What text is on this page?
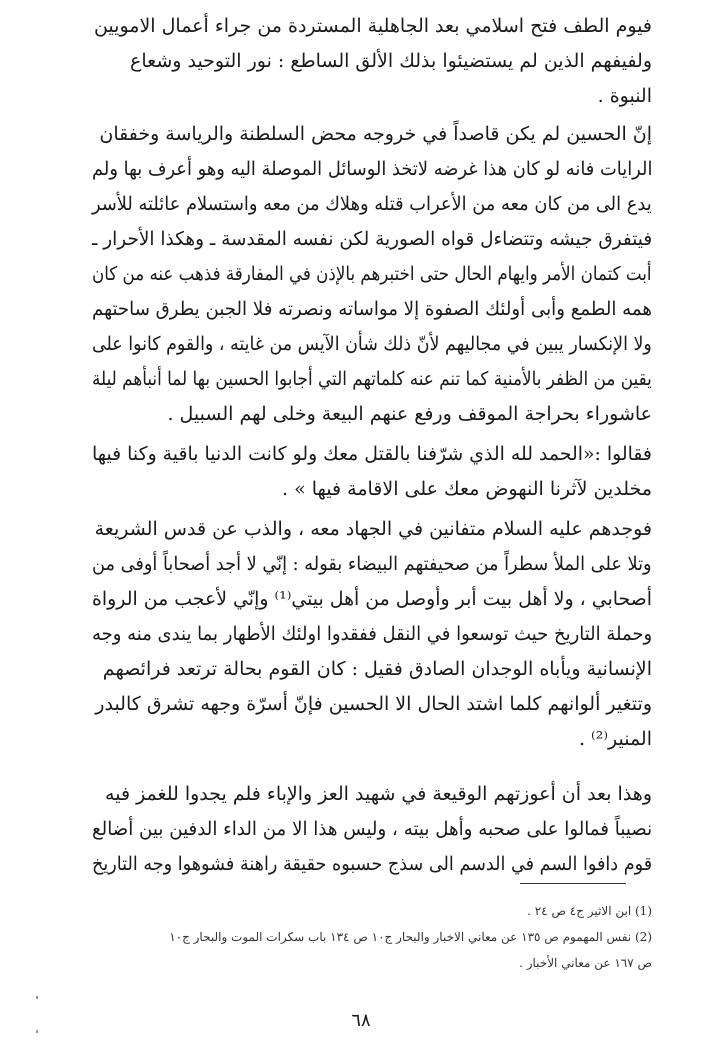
فيوم الطف فتح اسلامي بعد الجاهلية المستردة من جراء أعمال الامويين
ولفيفهم الذين لم يستضيئوا بذلك الألق الساطع : نور التوحيد وشعاع
النبوة .
إنّ الحسين لم يكن قاصداً في خروجه محض السلطنة والرياسة وخفقان
الرايات فانه لو كان هذا غرضه لاتخذ الوسائل الموصلة اليه وهو أعرف بها ولم
يدع الى من كان معه من الأعراب قتله وهلاك من معه واستسلام عائلته للأسر
فيتفرق جيشه وتتضاءل قواه الصورية لكن نفسه المقدسة ـ وهكذا الأحرار ـ
أبت كتمان الأمر وايهام الحال حتى اختبرهم بالإذن في المفارقة فذهب عنه من كان
همه الطمع وأبى أولئك الصفوة إلا مواساته ونصرته فلا الجبن يطرق ساحتهم
ولا الإنكسار يبين في مجاليهم لأنّ ذلك شأن الآيس من غايته ، والقوم كانوا على
يقين من الظفر بالأمنية كما تنم عنه كلماتهم التي أجابوا الحسين بها لما أنبأهم ليلة
عاشوراء بحراجة الموقف ورفع عنهم البيعة وخلى لهم السبيل .
فقالوا :«الحمد لله الذي شرّفنا بالقتل معك ولو كانت الدنيا باقية وكنا فيها
مخلدين لآثرنا النهوض معك على الاقامة فيها » .
فوجدهم عليه السلام متفانين في الجهاد معه ، والذب عن قدس الشريعة
وتلا على الملأ سطراً من صحيفتهم البيضاء بقوله : إنّي لا أجد أصحاباً أوفى من
أصحابي ، ولا أهل بيت أبر وأوصل من أهل بيتي⁽¹⁾ وإنّي لأعجب من الرواة
وحملة التاريخ حيث توسعوا في النقل ففقدوا اولئك الأطهار بما يندى منه وجه
الإنسانية ويأباه الوجدان الصادق فقيل : كان القوم بحالة ترتعد فرائصهم
وتتغير ألوانهم كلما اشتد الحال الا الحسين فإنّ أسرّة وجهه تشرق كالبدر
المنير⁽²⁾ .
وهذا بعد أن أعوزتهم الوقيعة في شهيد العز والإباء فلم يجدوا للغمز فيه
نصيباً فمالوا على صحبه وأهل بيته ، وليس هذا الا من الداء الدفين بين أضالع
قوم دافوا السم في الدسم الى سذج حسبوه حقيقة راهنة فشوهوا وجه التاريخ
(1) ابن الاثير ج٤ ص ٢٤ .
(2) نفس المهموم ص ١٣٥ عن معاني الاخبار والبحار ج١٠ ص ١٣٤ باب سكرات الموت والبحار ج١٠
ص ١٦٧ عن معاني الأخبار .
٦٨
